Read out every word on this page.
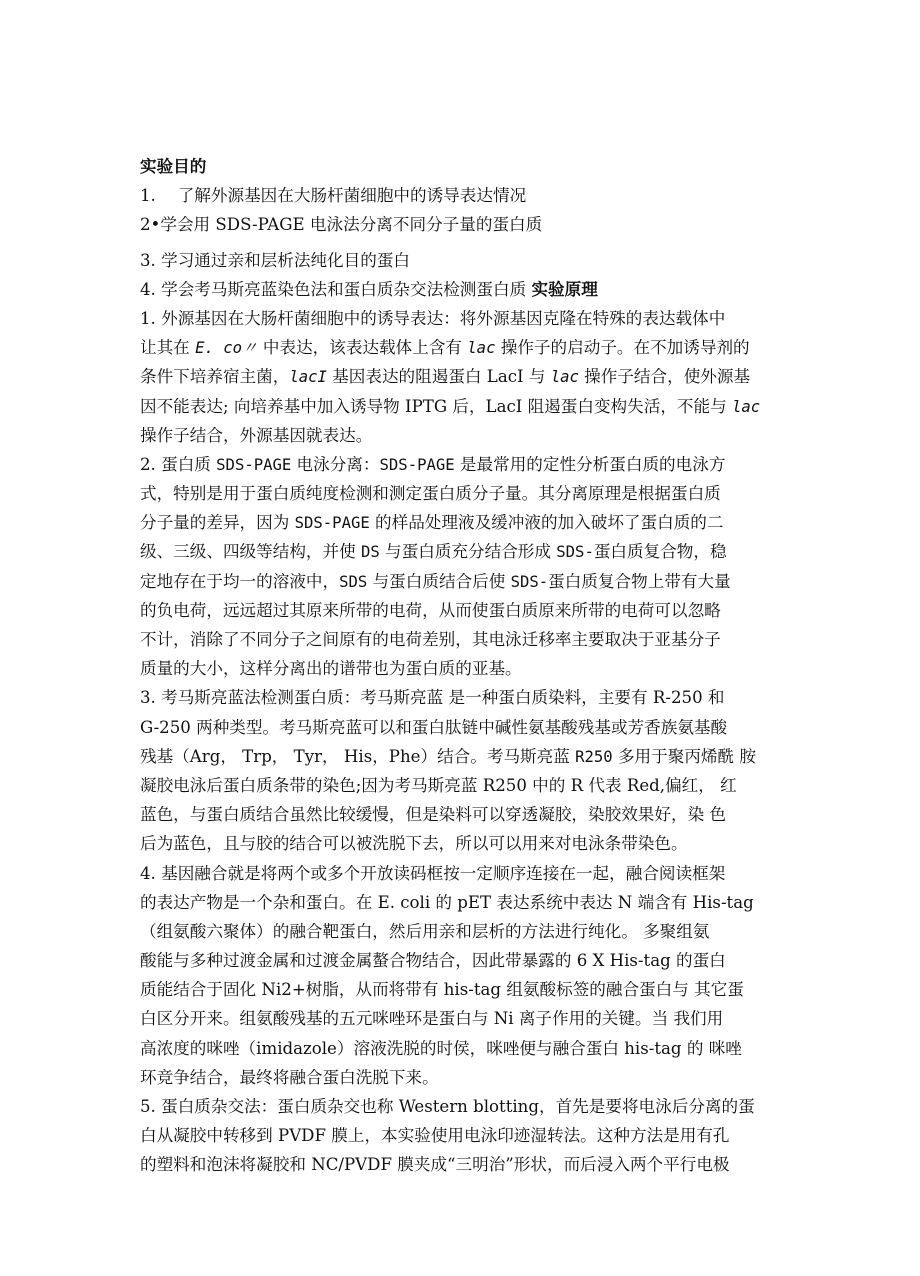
实验目的
1.　 了解外源基因在大肠杆菌细胞中的诱导表达情况
2•学会用 SDS-PAGE 电泳法分离不同分子量的蛋白质
3. 学习通过亲和层析法纯化目的蛋白
4. 学会考马斯亮蓝染色法和蛋白质杂交法检测蛋白质 实验原理
1. 外源基因在大肠杆菌细胞中的诱导表达：将外源基因克隆在特殊的表达载体中
让其在 E. co〃 中表达，该表达载体上含有 lac 操作子的启动子。在不加诱导剂的
条件下培养宿主菌，lacI 基因表达的阻遏蛋白 LacI 与 lac 操作子结合，使外源基
因不能表达; 向培养基中加入诱导物 IPTG 后，LacI 阻遏蛋白变构失活，不能与 lac
操作子结合，外源基因就表达。
2. 蛋白质 SDS-PAGE 电泳分离：SDS-PAGE 是最常用的定性分析蛋白质的电泳方
式，特别是用于蛋白质纯度检测和测定蛋白质分子量。其分离原理是根据蛋白质
分子量的差异，因为 SDS-PAGE 的样品处理液及缓冲液的加入破坏了蛋白质的二
级、三级、四级等结构，并使 DS 与蛋白质充分结合形成 SDS-蛋白质复合物，稳
定地存在于均一的溶液中，SDS 与蛋白质结合后使 SDS-蛋白质复合物上带有大量
的负电荷，远远超过其原来所带的电荷，从而使蛋白质原来所带的电荷可以忽略
不计，消除了不同分子之间原有的电荷差别，其电泳迁移率主要取决于亚基分子
质量的大小，这样分离出的谱带也为蛋白质的亚基。
3. 考马斯亮蓝法检测蛋白质：考马斯亮蓝 是一种蛋白质染料，主要有 R-250 和
G-250 两种类型。考马斯亮蓝可以和蛋白肽链中碱性氨基酸残基或芳香族氨基酸
残基（Arg， Trp， Tyr， His，Phe）结合。考马斯亮蓝 R250 多用于聚丙烯酰 胺
凝胶电泳后蛋白质条带的染色;因为考马斯亮蓝 R250 中的 R 代表 Red,偏红， 红
蓝色，与蛋白质结合虽然比较缓慢，但是染料可以穿透凝胶，染胶效果好，染 色
后为蓝色，且与胶的结合可以被洗脱下去，所以可以用来对电泳条带染色。
4. 基因融合就是将两个或多个开放读码框按一定顺序连接在一起，融合阅读框架
的表达产物是一个杂和蛋白。在 E. coli 的 pET 表达系统中表达 N 端含有 His-tag
（组氨酸六聚体）的融合靶蛋白，然后用亲和层析的方法进行纯化。 多聚组氨
酸能与多种过渡金属和过渡金属螯合物结合，因此带暴露的 6 X His-tag 的蛋白
质能结合于固化 Ni2+树脂，从而将带有 his-tag 组氨酸标签的融合蛋白与 其它蛋
白区分开来。组氨酸残基的五元咪唑环是蛋白与 Ni 离子作用的关键。当 我们用
高浓度的咪唑（imidazole）溶液洗脱的时侯，咪唑便与融合蛋白 his-tag 的 咪唑
环竞争结合，最终将融合蛋白洗脱下来。
5. 蛋白质杂交法：蛋白质杂交也称 Western blotting，首先是要将电泳后分离的蛋
白从凝胶中转移到 PVDF 膜上，本实验使用电泳印迹湿转法。这种方法是用有孔
的塑料和泡沫将凝胶和 NC/PVDF 膜夹成“三明治”形状，而后浸入两个平行电极
